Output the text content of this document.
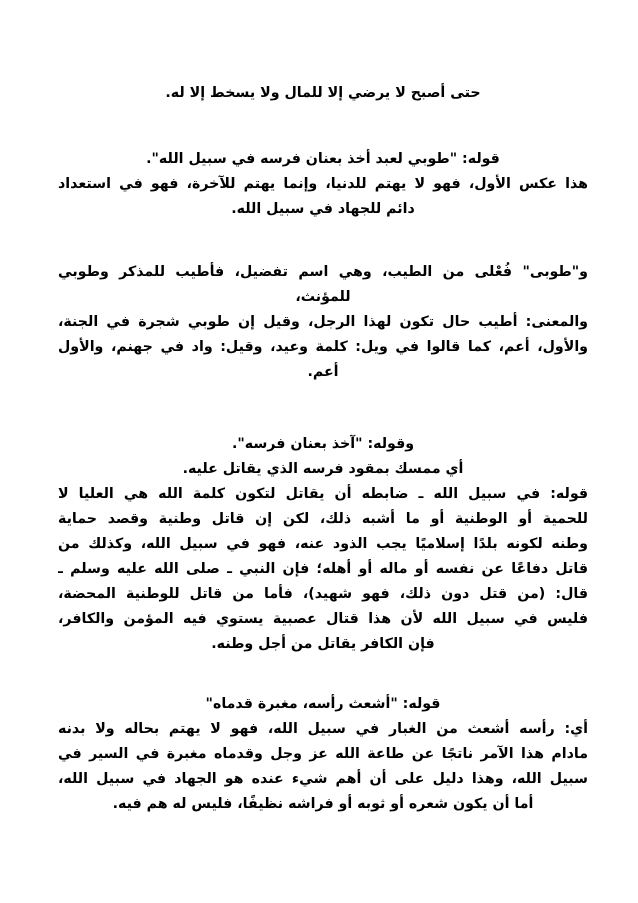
حتى أصبح لا يرضي إلا للمال ولا يسخط إلا له.
قوله: "طوبي لعبد أخذ بعنان فرسه في سبيل الله".
هذا عكس الأول، فهو لا يهتم للدنيا، وإنما يهتم للآخرة، فهو في استعداد
دائم للجهاد في سبيل الله.
و"طوبى" فُعْلى من الطيب، وهي اسم تفضيل، فأطيب للمذكر وطوبي
للمؤنث،
والمعنى: أطيب حال تكون لهذا الرجل، وقيل إن طوبي شجرة في الجنة،
والأول، أعم، كما قالوا في ويل: كلمة وعيد، وقيل: واد في جهنم، والأول
أعم.
وقوله: "آخذ بعنان فرسه".
أي ممسك بمقود فرسه الذي يقاتل عليه.
قوله: في سبيل الله ـ ضابطه أن يقاتل لتكون كلمة الله هي العليا لا
للحمية أو الوطنية أو ما أشبه ذلك، لكن إن قاتل وطنية وقصد حماية
وطنه لكونه بلدًا إسلاميًا يجب الذود عنه، فهو في سبيل الله، وكذلك من
قاتل دفاعًا عن نفسه أو ماله أو أهله؛ فإن النبي ـ صلى الله عليه وسلم ـ
قال: (من قتل دون ذلك، فهو شهيد)، فأما من قاتل للوطنية المحضة،
فليس في سبيل الله لأن هذا قتال عصبية يستوي فيه المؤمن والكافر،
فإن الكافر يقاتل من أجل وطنه.
قوله: "أشعث رأسه، مغبرة قدماه"
أي: رأسه أشعث من الغبار في سبيل الله، فهو لا يهتم بحاله ولا بدنه
مادام هذا الآمر ناتجًا عن طاعة الله عز وجل وقدماه مغبرة في السير في
سبيل الله، وهذا دليل على أن أهم شيء عنده هو الجهاد في سبيل الله،
أما أن يكون شعره أو ثوبه أو فراشه نظيفًا، فليس له هم فيه.
